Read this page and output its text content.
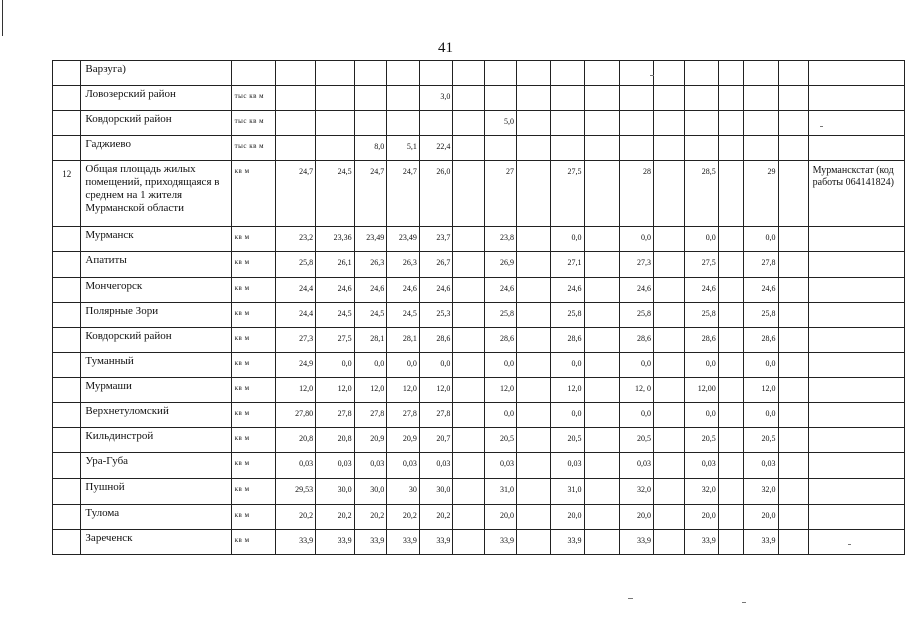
41
	Варзуга)																		
	Ловозерский район	тыс кв м					3,0												
	Ковдорский район	тыс кв м							5,0										
	Гаджиево	тыс кв м			8,0	5,1	22,4												
12	Общая площадь жилых помещений, приходящаяся в среднем на 1 жителя Мурманской области	кв м	24,7	24,5	24,7	24,7	26,0		27		27,5		28		28,5		29		Мурманскстат (код работы 064141824)
	Мурманск	кв м	23,2	23,36	23,49	23,49	23,7		23,8		0,0		0,0		0,0		0,0		
	Апатиты	кв м	25,8	26,1	26,3	26,3	26,7		26,9		27,1		27,3		27,5		27,8		
	Мончегорск	кв м	24,4	24,6	24,6	24,6	24,6		24,6		24,6		24,6		24,6		24,6		
	Полярные Зори	кв м	24,4	24,5	24,5	24,5	25,3		25,8		25,8		25,8		25,8		25,8		
	Ковдорский район	кв м	27,3	27,5	28,1	28,1	28,6		28,6		28,6		28,6		28,6		28,6		
	Туманный	кв м	24,9	0,0	0,0	0,0	0,0		0,0		0,0		0,0		0,0		0,0		
	Мурмаши	кв м	12,0	12,0	12,0	12,0	12,0		12,0		12,0		12, 0		12,00		12,0		
	Верхнетуломский	кв м	27,80	27,8	27,8	27,8	27,8		0,0		0,0		0,0		0,0		0,0		
	Кильдинстрой	кв м	20,8	20,8	20,9	20,9	20,7		20,5		20,5		20,5		20,5		20,5		
	Ура-Губа	кв м	0,03	0,03	0,03	0,03	0,03		0,03		0,03		0,03		0,03		0,03		
	Пушной	кв м	29,53	30,0	30,0	30	30,0		31,0		31,0		32,0		32,0		32,0		
	Тулома	кв м	20,2	20,2	20,2	20,2	20,2		20,0		20,0		20,0		20,0		20,0		
	Зареченск	кв м	33,9	33,9	33,9	33,9	33,9		33,9		33,9		33,9		33,9		33,9		
